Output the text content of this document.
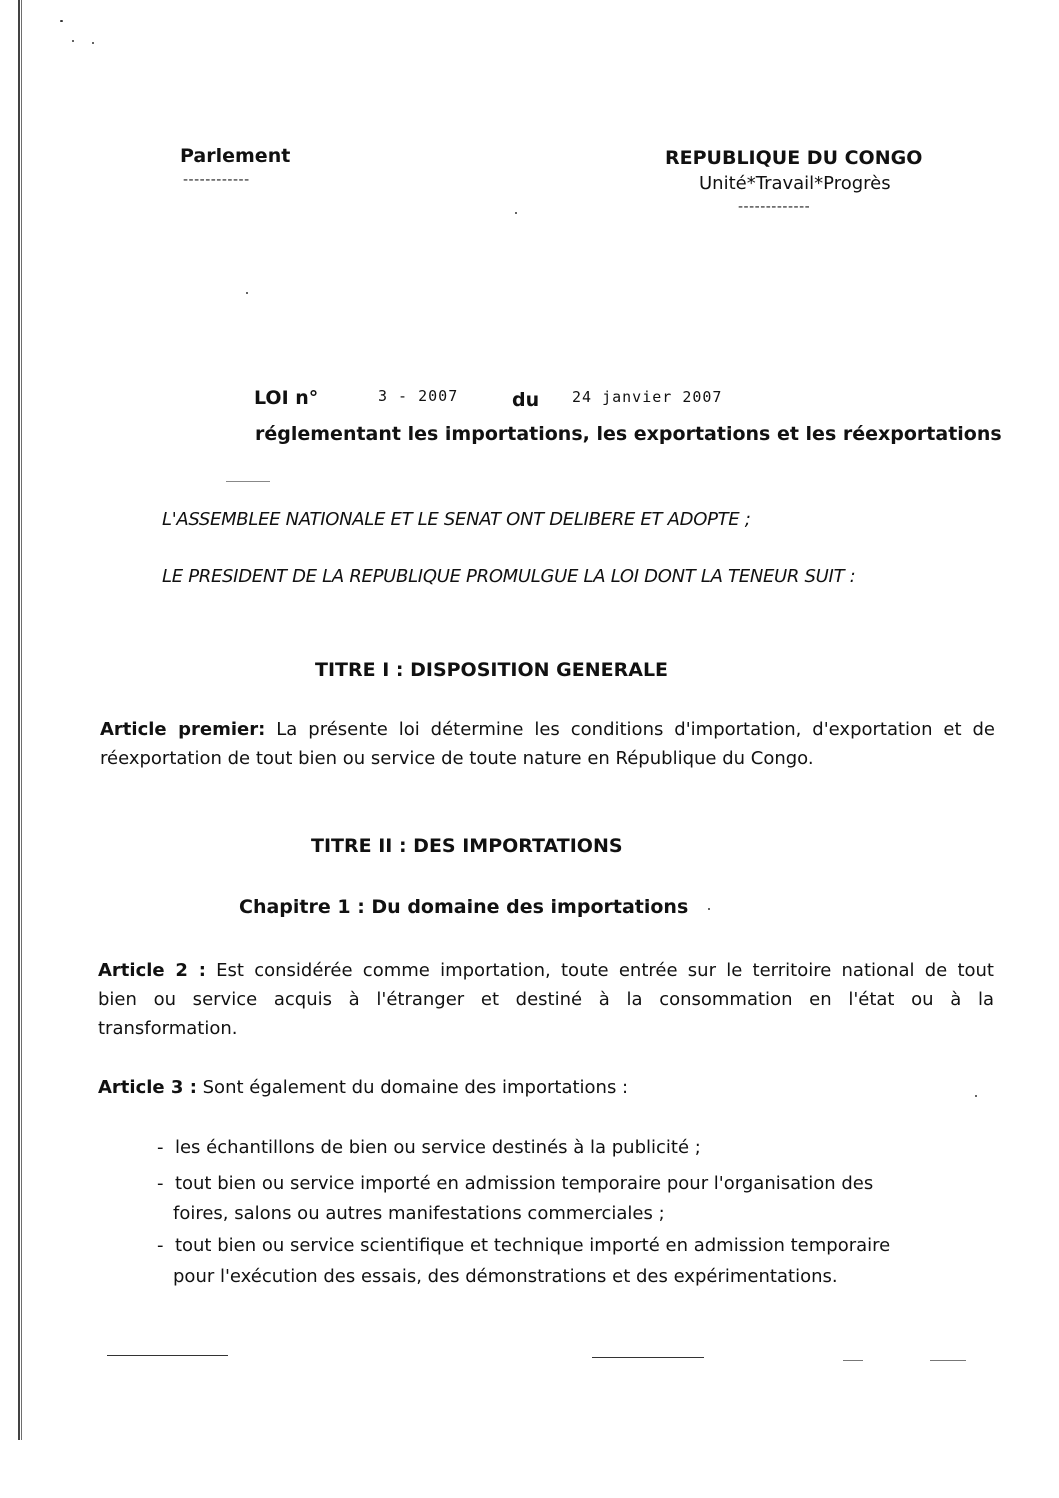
Parlement
------------
REPUBLIQUE DU CONGO
Unité*Travail*Progrès
-------------
LOI n°	3 - 2007	du 24 janvier 2007
réglementant les importations, les exportations et les réexportations
L'ASSEMBLEE NATIONALE ET LE SENAT ONT DELIBERE ET ADOPTE ;
LE PRESIDENT DE LA REPUBLIQUE PROMULGUE LA LOI DONT LA TENEUR SUIT :
TITRE I : DISPOSITION GENERALE
Article premier: La présente loi détermine les conditions d'importation, d'exportation et de
réexportation de tout bien ou service de toute nature en République du Congo.
TITRE II : DES IMPORTATIONS
Chapitre 1 : Du domaine des importations
Article 2 : Est considérée comme importation, toute entrée sur le territoire national de tout
bien ou service acquis à l'étranger et destiné à la consommation en l'état ou à la
transformation.
Article 3 : Sont également du domaine des importations :
- les échantillons de bien ou service destinés à la publicité ;
- tout bien ou service importé en admission temporaire pour l'organisation des
foires, salons ou autres manifestations commerciales ;
- tout bien ou service scientifique et technique importé en admission temporaire
pour l'exécution des essais, des démonstrations et des expérimentations.
